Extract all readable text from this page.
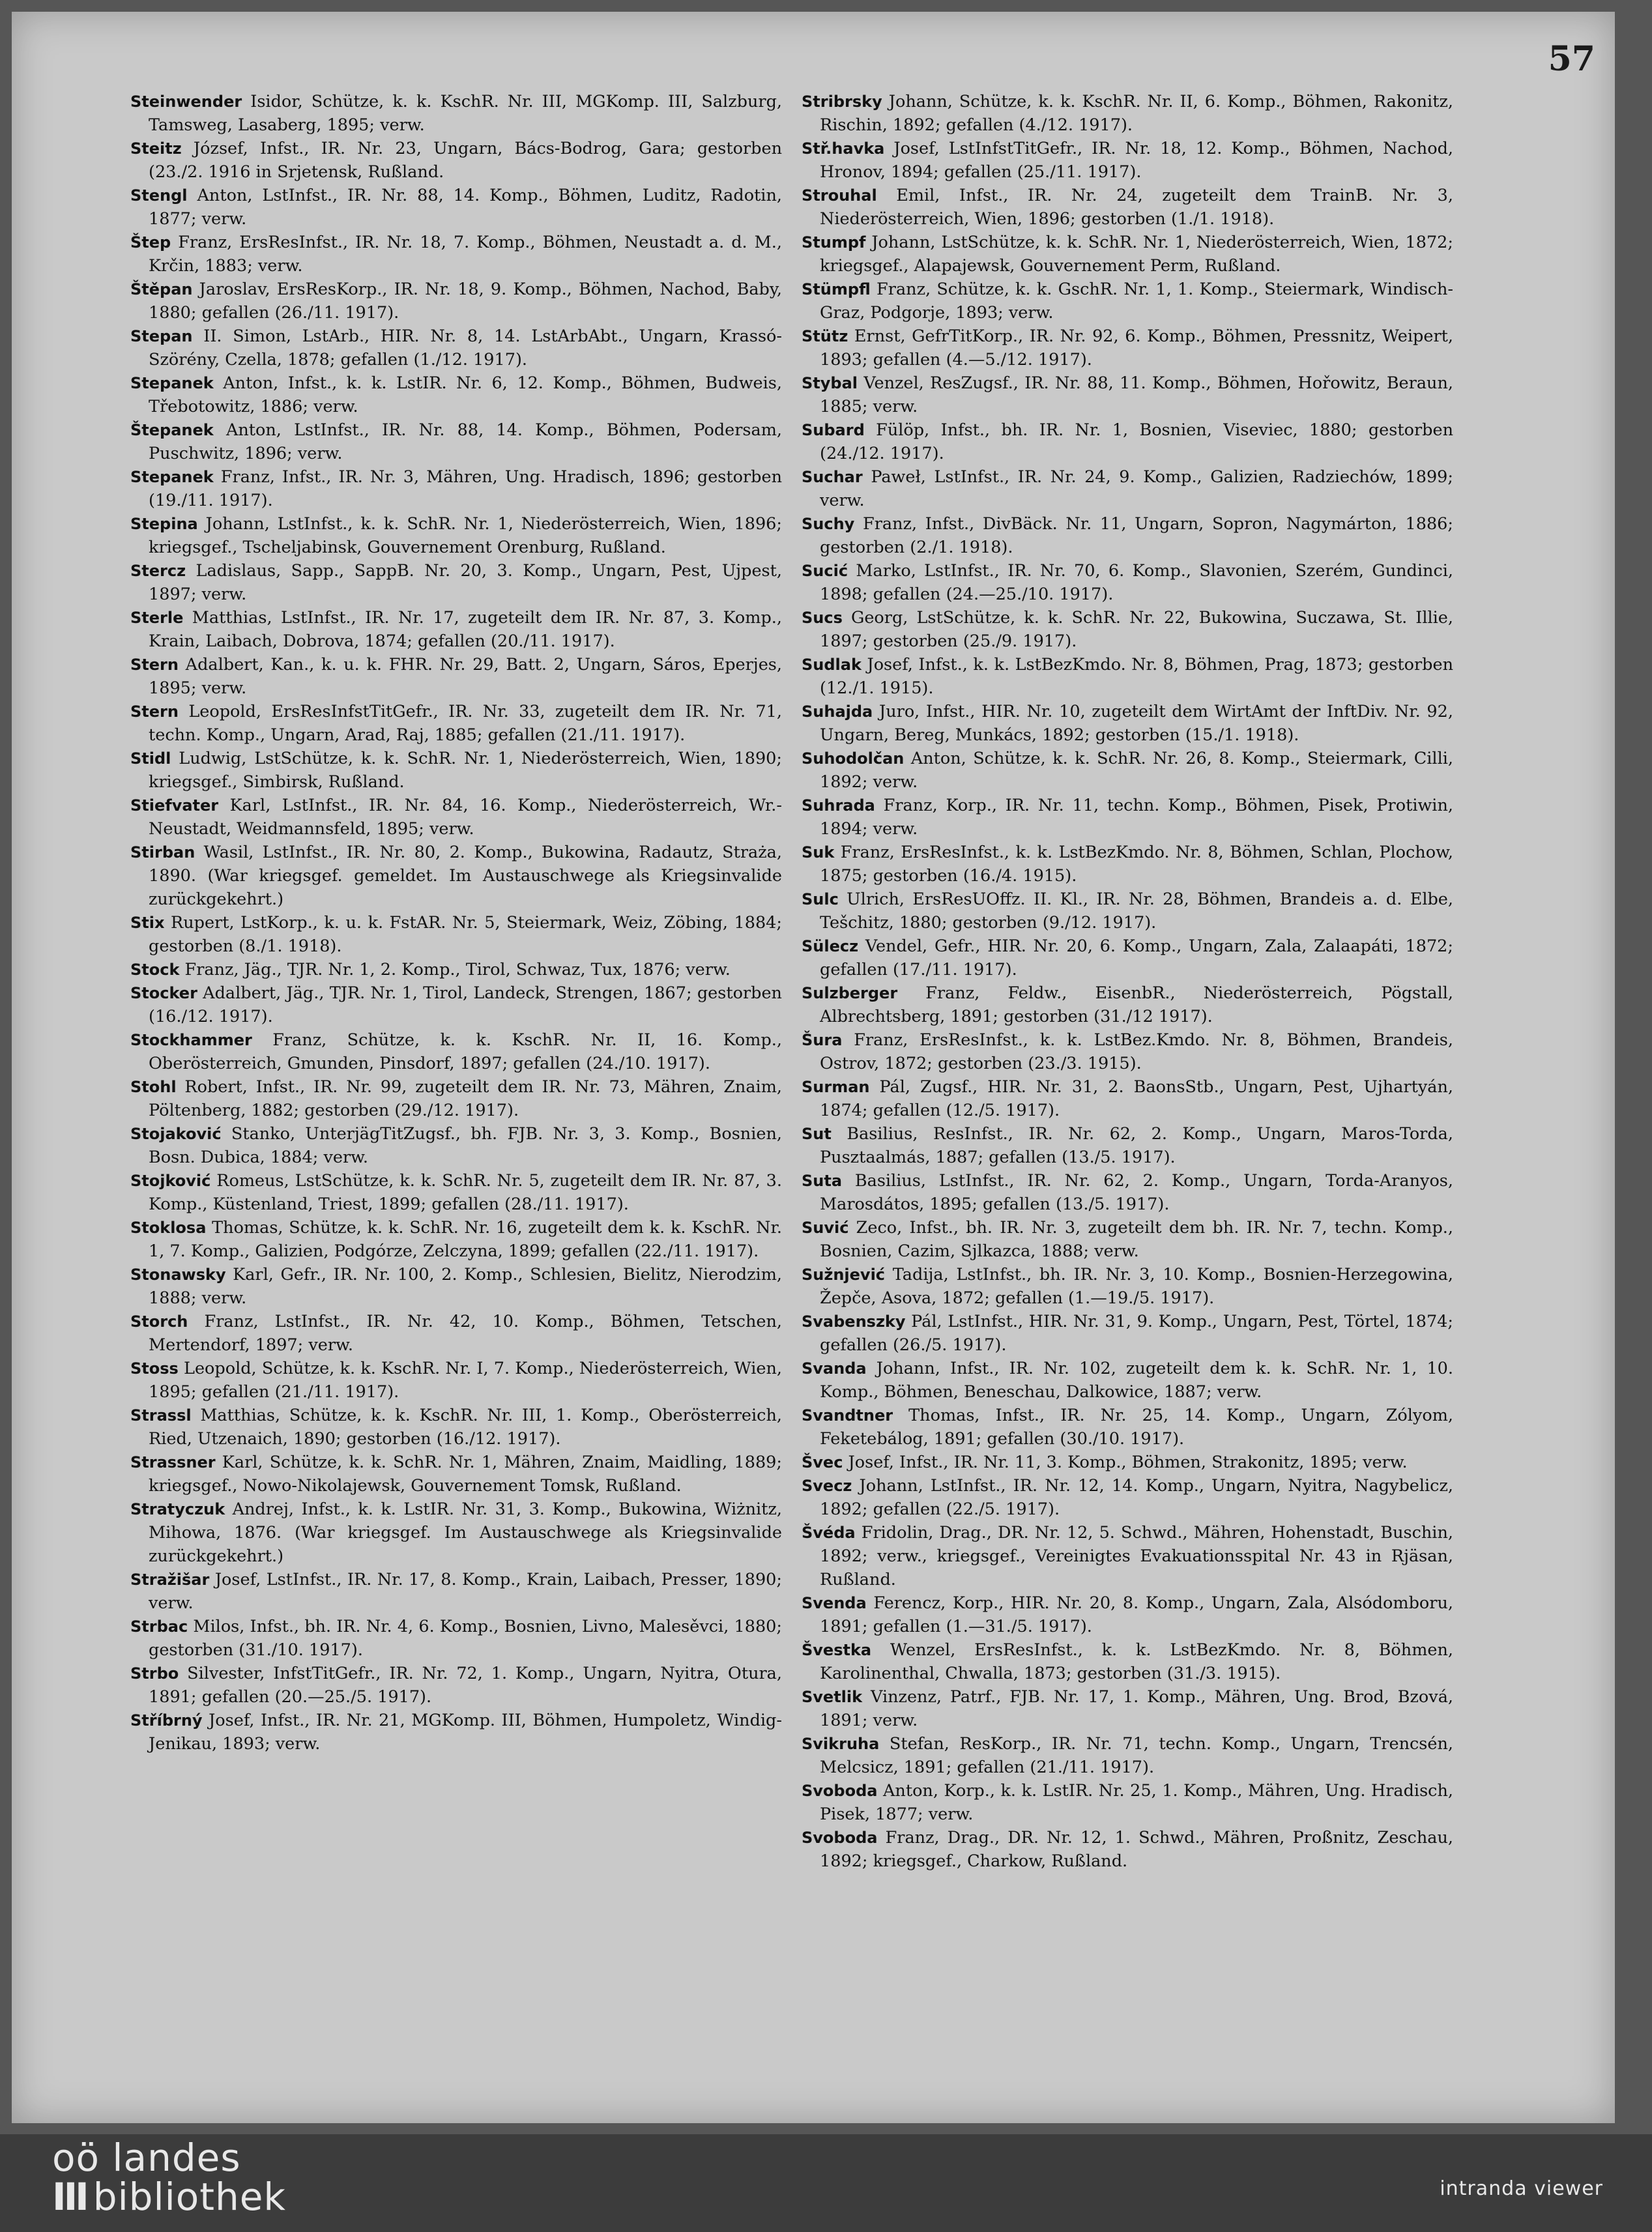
57

Steinwender Isidor, Schütze, k. k. KschR. Nr. III, MGKomp. III, Salzburg, Tamsweg, Lasaberg, 1895; verw.

Steitz József, Infst., IR. Nr. 23, Ungarn, Bács-Bodrog, Gara; gestorben (23./2. 1916 in Srjetensk, Rußland.

Stengl Anton, LstInfst., IR. Nr. 88, 14. Komp., Böhmen, Luditz, Radotin, 1877; verw.

Štep Franz, ErsResInfst., IR. Nr. 18, 7. Komp., Böhmen, Neustadt a. d. M., Krčin, 1883; verw.

Štěpan Jaroslav, ErsResKorp., IR. Nr. 18, 9. Komp., Böhmen, Nachod, Baby, 1880; gefallen (26./11. 1917).

Stepan II. Simon, LstArb., HIR. Nr. 8, 14. LstArbAbt., Ungarn, Krassó-Szörény, Czella, 1878; gefallen (1./12. 1917).

Stepanek Anton, Infst., k. k. LstIR. Nr. 6, 12. Komp., Böhmen, Budweis, Třebotowitz, 1886; verw.

Štepanek Anton, LstInfst., IR. Nr. 88, 14. Komp., Böhmen, Podersam, Puschwitz, 1896; verw.

Stepanek Franz, Infst., IR. Nr. 3, Mähren, Ung. Hradisch, 1896; gestorben (19./11. 1917).

Stepina Johann, LstInfst., k. k. SchR. Nr. 1, Niederösterreich, Wien, 1896; kriegsgef., Tscheljabinsk, Gouvernement Orenburg, Rußland.

Stercz Ladislaus, Sapp., SappB. Nr. 20, 3. Komp., Ungarn, Pest, Ujpest, 1897; verw.

Sterle Matthias, LstInfst., IR. Nr. 17, zugeteilt dem IR. Nr. 87, 3. Komp., Krain, Laibach, Dobrova, 1874; gefallen (20./11. 1917).

Stern Adalbert, Kan., k. u. k. FHR. Nr. 29, Batt. 2, Ungarn, Sáros, Eperjes, 1895; verw.

Stern Leopold, ErsResInfstTitGefr., IR. Nr. 33, zugeteilt dem IR. Nr. 71, techn. Komp., Ungarn, Arad, Raj, 1885; gefallen (21./11. 1917).

Stidl Ludwig, LstSchütze, k. k. SchR. Nr. 1, Niederösterreich, Wien, 1890; kriegsgef., Simbirsk, Rußland.

Stiefvater Karl, LstInfst., IR. Nr. 84, 16. Komp., Niederösterreich, Wr.-Neustadt, Weidmannsfeld, 1895; verw.

Stirban Wasil, LstInfst., IR. Nr. 80, 2. Komp., Bukowina, Radautz, Straża, 1890. (War kriegsgef. gemeldet. Im Austauschwege als Kriegsinvalide zurückgekehrt.)

Stix Rupert, LstKorp., k. u. k. FstAR. Nr. 5, Steiermark, Weiz, Zöbing, 1884; gestorben (8./1. 1918).

Stock Franz, Jäg., TJR. Nr. 1, 2. Komp., Tirol, Schwaz, Tux, 1876; verw.

Stocker Adalbert, Jäg., TJR. Nr. 1, Tirol, Landeck, Strengen, 1867; gestorben (16./12. 1917).

Stockhammer Franz, Schütze, k. k. KschR. Nr. II, 16. Komp., Oberösterreich, Gmunden, Pinsdorf, 1897; gefallen (24./10. 1917).

Stohl Robert, Infst., IR. Nr. 99, zugeteilt dem IR. Nr. 73, Mähren, Znaim, Pöltenberg, 1882; gestorben (29./12. 1917).

Stojaković Stanko, UnterjägTitZugsf., bh. FJB. Nr. 3, 3. Komp., Bosnien, Bosn. Dubica, 1884; verw.

Stojković Romeus, LstSchütze, k. k. SchR. Nr. 5, zugeteilt dem IR. Nr. 87, 3. Komp., Küstenland, Triest, 1899; gefallen (28./11. 1917).

Stoklosa Thomas, Schütze, k. k. SchR. Nr. 16, zugeteilt dem k. k. KschR. Nr. 1, 7. Komp., Galizien, Podgórze, Zelczyna, 1899; gefallen (22./11. 1917).

Stonawsky Karl, Gefr., IR. Nr. 100, 2. Komp., Schlesien, Bielitz, Nierodzim, 1888; verw.

Storch Franz, LstInfst., IR. Nr. 42, 10. Komp., Böhmen, Tetschen, Mertendorf, 1897; verw.

Stoss Leopold, Schütze, k. k. KschR. Nr. I, 7. Komp., Niederösterreich, Wien, 1895; gefallen (21./11. 1917).

Strassl Matthias, Schütze, k. k. KschR. Nr. III, 1. Komp., Oberösterreich, Ried, Utzenaich, 1890; gestorben (16./12. 1917).

Strassner Karl, Schütze, k. k. SchR. Nr. 1, Mähren, Znaim, Maidling, 1889; kriegsgef., Nowo-Nikolajewsk, Gouvernement Tomsk, Rußland.

Stratyczuk Andrej, Infst., k. k. LstIR. Nr. 31, 3. Komp., Bukowina, Wiżnitz, Mihowa, 1876. (War kriegsgef. Im Austauschwege als Kriegsinvalide zurückgekehrt.)

Stražišar Josef, LstInfst., IR. Nr. 17, 8. Komp., Krain, Laibach, Presser, 1890; verw.

Strbac Milos, Infst., bh. IR. Nr. 4, 6. Komp., Bosnien, Livno, Malesěvci, 1880; gestorben (31./10. 1917).

Strbo Silvester, InfstTitGefr., IR. Nr. 72, 1. Komp., Ungarn, Nyitra, Otura, 1891; gefallen (20.—25./5. 1917).

Stříbrný Josef, Infst., IR. Nr. 21, MGKomp. III, Böhmen, Humpoletz, Windig-Jenikau, 1893; verw.

Stribrsky Johann, Schütze, k. k. KschR. Nr. II, 6. Komp., Böhmen, Rakonitz, Rischin, 1892; gefallen (4./12. 1917).

Stř.havka Josef, LstInfstTitGefr., IR. Nr. 18, 12. Komp., Böhmen, Nachod, Hronov, 1894; gefallen (25./11. 1917).

Strouhal Emil, Infst., IR. Nr. 24, zugeteilt dem TrainB. Nr. 3, Niederösterreich, Wien, 1896; gestorben (1./1. 1918).

Stumpf Johann, LstSchütze, k. k. SchR. Nr. 1, Niederösterreich, Wien, 1872; kriegsgef., Alapajewsk, Gouvernement Perm, Rußland.

Stümpfl Franz, Schütze, k. k. GschR. Nr. 1, 1. Komp., Steiermark, Windisch-Graz, Podgorje, 1893; verw.

Stütz Ernst, GefrTitKorp., IR. Nr. 92, 6. Komp., Böhmen, Pressnitz, Weipert, 1893; gefallen (4.—5./12. 1917).

Stybal Venzel, ResZugsf., IR. Nr. 88, 11. Komp., Böhmen, Hořowitz, Beraun, 1885; verw.

Subard Fülöp, Infst., bh. IR. Nr. 1, Bosnien, Viseviec, 1880; gestorben (24./12. 1917).

Suchar Paweł, LstInfst., IR. Nr. 24, 9. Komp., Galizien, Radziechów, 1899; verw.

Suchy Franz, Infst., DivBäck. Nr. 11, Ungarn, Sopron, Nagymárton, 1886; gestorben (2./1. 1918).

Sucić Marko, LstInfst., IR. Nr. 70, 6. Komp., Slavonien, Szerém, Gundinci, 1898; gefallen (24.—25./10. 1917).

Sucs Georg, LstSchütze, k. k. SchR. Nr. 22, Bukowina, Suczawa, St. Illie, 1897; gestorben (25./9. 1917).

Sudlak Josef, Infst., k. k. LstBezKmdo. Nr. 8, Böhmen, Prag, 1873; gestorben (12./1. 1915).

Suhajda Juro, Infst., HIR. Nr. 10, zugeteilt dem WirtAmt der InftDiv. Nr. 92, Ungarn, Bereg, Munkács, 1892; gestorben (15./1. 1918).

Suhodolčan Anton, Schütze, k. k. SchR. Nr. 26, 8. Komp., Steiermark, Cilli, 1892; verw.

Suhrada Franz, Korp., IR. Nr. 11, techn. Komp., Böhmen, Pisek, Protiwin, 1894; verw.

Suk Franz, ErsResInfst., k. k. LstBezKmdo. Nr. 8, Böhmen, Schlan, Plochow, 1875; gestorben (16./4. 1915).

Sulc Ulrich, ErsResUOffz. II. Kl., IR. Nr. 28, Böhmen, Brandeis a. d. Elbe, Tešchitz, 1880; gestorben (9./12. 1917).

Sülecz Vendel, Gefr., HIR. Nr. 20, 6. Komp., Ungarn, Zala, Zalaapáti, 1872; gefallen (17./11. 1917).

Sulzberger Franz, Feldw., EisenbR., Niederösterreich, Pögstall, Albrechtsberg, 1891; gestorben (31./12 1917).

Šura Franz, ErsResInfst., k. k. LstBez.Kmdo. Nr. 8, Böhmen, Brandeis, Ostrov, 1872; gestorben (23./3. 1915).

Surman Pál, Zugsf., HIR. Nr. 31, 2. BaonsStb., Ungarn, Pest, Ujhartyán, 1874; gefallen (12./5. 1917).

Sut Basilius, ResInfst., IR. Nr. 62, 2. Komp., Ungarn, Maros-Torda, Pusztaalmás, 1887; gefallen (13./5. 1917).

Suta Basilius, LstInfst., IR. Nr. 62, 2. Komp., Ungarn, Torda-Aranyos, Marosdátos, 1895; gefallen (13./5. 1917).

Suvić Zeco, Infst., bh. IR. Nr. 3, zugeteilt dem bh. IR. Nr. 7, techn. Komp., Bosnien, Cazim, Sjlkazca, 1888; verw.

Sužnjević Tadija, LstInfst., bh. IR. Nr. 3, 10. Komp., Bosnien-Herzegowina, Žepče, Asova, 1872; gefallen (1.—19./5. 1917).

Svabenszky Pál, LstInfst., HIR. Nr. 31, 9. Komp., Ungarn, Pest, Törtel, 1874; gefallen (26./5. 1917).

Svanda Johann, Infst., IR. Nr. 102, zugeteilt dem k. k. SchR. Nr. 1, 10. Komp., Böhmen, Beneschau, Dalkowice, 1887; verw.

Svandtner Thomas, Infst., IR. Nr. 25, 14. Komp., Ungarn, Zólyom, Feketebálog, 1891; gefallen (30./10. 1917).

Švec Josef, Infst., IR. Nr. 11, 3. Komp., Böhmen, Strakonitz, 1895; verw.

Svecz Johann, LstInfst., IR. Nr. 12, 14. Komp., Ungarn, Nyitra, Nagybelicz, 1892; gefallen (22./5. 1917).

Švéda Fridolin, Drag., DR. Nr. 12, 5. Schwd., Mähren, Hohenstadt, Buschin, 1892; verw., kriegsgef., Vereinigtes Evakuationsspital Nr. 43 in Rjäsan, Rußland.

Svenda Ferencz, Korp., HIR. Nr. 20, 8. Komp., Ungarn, Zala, Alsódomboru, 1891; gefallen (1.—31./5. 1917).

Švestka Wenzel, ErsResInfst., k. k. LstBezKmdo. Nr. 8, Böhmen, Karolinenthal, Chwalla, 1873; gestorben (31./3. 1915).

Svetlik Vinzenz, Patrf., FJB. Nr. 17, 1. Komp., Mähren, Ung. Brod, Bzová, 1891; verw.

Svikruha Stefan, ResKorp., IR. Nr. 71, techn. Komp., Ungarn, Trencsén, Melcsicz, 1891; gefallen (21./11. 1917).

Svoboda Anton, Korp., k. k. LstIR. Nr. 25, 1. Komp., Mähren, Ung. Hradisch, Pisek, 1877; verw.

Svoboda Franz, Drag., DR. Nr. 12, 1. Schwd., Mähren, Proßnitz, Zeschau, 1892; kriegsgef., Charkow, Rußland.

oö landes
III bibliothek	intranda viewer
